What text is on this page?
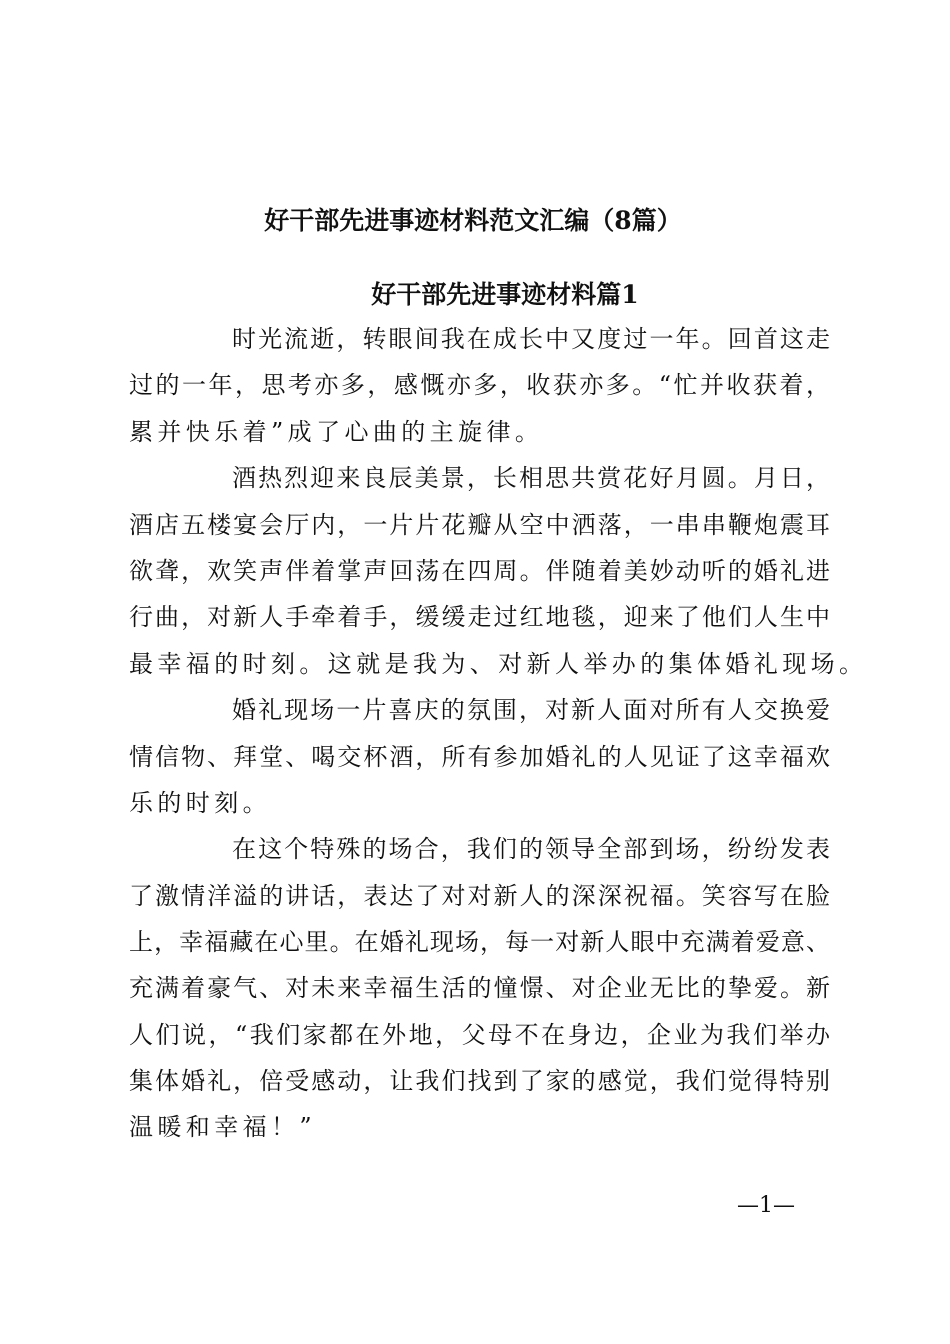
好干部先进事迹材料范文汇编（8篇）
好干部先进事迹材料篇1
时光流逝，转眼间我在成长中又度过一年。回首这走
过的一年，思考亦多，感慨亦多，收获亦多。“忙并收获着，
累并快乐着”成了心曲的主旋律。
酒热烈迎来良辰美景，长相思共赏花好月圆。月日，
酒店五楼宴会厅内，一片片花瓣从空中洒落，一串串鞭炮震耳
欲聋，欢笑声伴着掌声回荡在四周。伴随着美妙动听的婚礼进
行曲，对新人手牵着手，缓缓走过红地毯，迎来了他们人生中
最幸福的时刻。这就是我为、对新人举办的集体婚礼现场。
婚礼现场一片喜庆的氛围，对新人面对所有人交换爱
情信物、拜堂、喝交杯酒，所有参加婚礼的人见证了这幸福欢
乐的时刻。
在这个特殊的场合，我们的领导全部到场，纷纷发表
了激情洋溢的讲话，表达了对对新人的深深祝福。笑容写在脸
上，幸福藏在心里。在婚礼现场，每一对新人眼中充满着爱意、
充满着豪气、对未来幸福生活的憧憬、对企业无比的挚爱。新
人们说，“我们家都在外地，父母不在身边，企业为我们举办
集体婚礼，倍受感动，让我们找到了家的感觉，我们觉得特别
温暖和幸福！”
—1—
